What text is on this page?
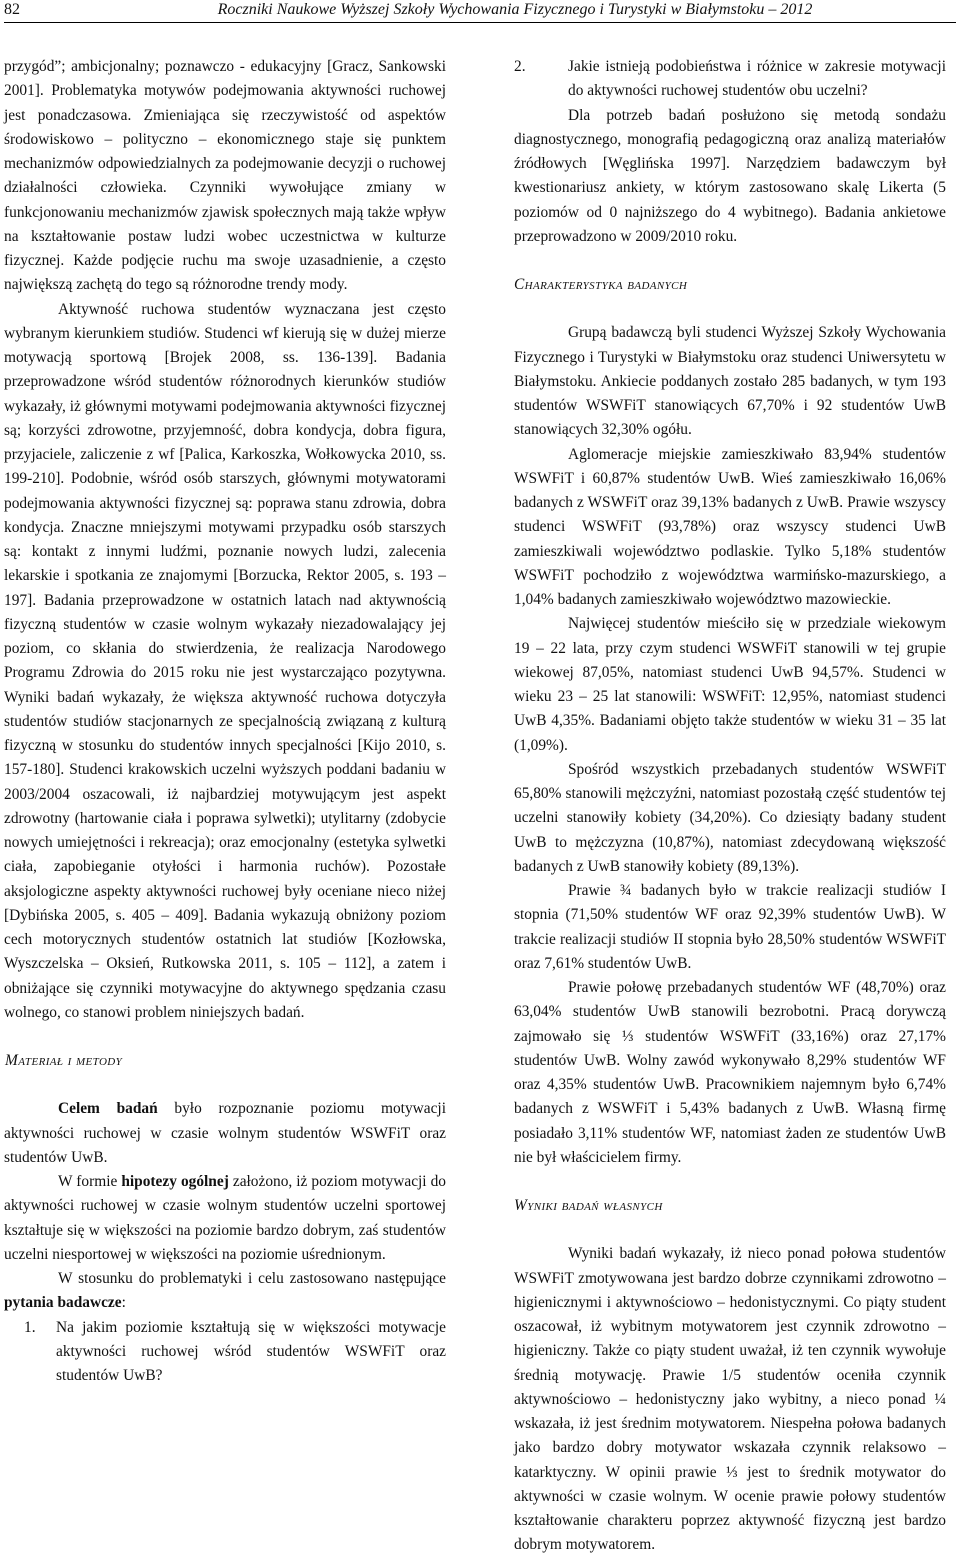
82	Roczniki Naukowe Wyższej Szkoły Wychowania Fizycznego i Turystyki w Białymstoku – 2012

przygód”; ambicjonalny; poznawczo - edukacyjny [Gracz, Sankowski 2001]. Problematyka motywów podejmowania aktywności ruchowej jest ponadczasowa. Zmieniająca się rzeczywistość od aspektów środowiskowo – polityczno – ekonomicznego staje się punktem mechanizmów odpowiedzialnych za podejmowanie decyzji o ruchowej działalności człowieka. Czynniki wywołujące zmiany w funkcjonowaniu mechanizmów zjawisk społecznych mają także wpływ na kształtowanie postaw ludzi wobec uczestnictwa w kulturze fizycznej. Każde podjęcie ruchu ma swoje uzasadnienie, a często największą zachętą do tego są różnorodne trendy mody.

Aktywność ruchowa studentów wyznaczana jest często wybranym kierunkiem studiów. Studenci wf kierują się w dużej mierze motywacją sportową [Brojek 2008, ss. 136-139]. Badania przeprowadzone wśród studentów różnorodnych kierunków studiów wykazały, iż głównymi motywami podejmowania aktywności fizycznej są; korzyści zdrowotne, przyjemność, dobra kondycja, dobra figura, przyjaciele, zaliczenie z wf [Palica, Karkoszka, Wołkowycka 2010, ss. 199-210]. Podobnie, wśród osób starszych, głównymi motywatorami podejmowania aktywności fizycznej są: poprawa stanu zdrowia, dobra kondycja. Znaczne mniejszymi motywami przypadku osób starszych są: kontakt z innymi ludźmi, poznanie nowych ludzi, zalecenia lekarskie i spotkania ze znajomymi [Borzucka, Rektor 2005, s. 193 – 197]. Badania przeprowadzone w ostatnich latach nad aktywnością fizyczną studentów w czasie wolnym wykazały niezadowalający jej poziom, co skłania do stwierdzenia, że realizacja Narodowego Programu Zdrowia do 2015 roku nie jest wystarczająco pozytywna. Wyniki badań wykazały, że większa aktywność ruchowa dotyczyła studentów studiów stacjonarnych ze specjalnością związaną z kulturą fizyczną w stosunku do studentów innych specjalności [Kijo 2010, s. 157-180]. Studenci krakowskich uczelni wyższych poddani badaniu w 2003/2004 oszacowali, iż najbardziej motywującym jest aspekt zdrowotny (hartowanie ciała i poprawa sylwetki); utylitarny (zdobycie nowych umiejętności i rekreacja); oraz emocjonalny (estetyka sylwetki ciała, zapobieganie otyłości i harmonia ruchów). Pozostałe aksjologiczne aspekty aktywności ruchowej były oceniane nieco niżej [Dybińska 2005, s. 405 – 409]. Badania wykazują obniżony poziom cech motorycznych studentów ostatnich lat studiów [Kozłowska, Wyszczelska – Oksień, Rutkowska 2011, s. 105 – 112], a zatem i obniżające się czynniki motywacyjne do aktywnego spędzania czasu wolnego, co stanowi problem niniejszych badań.

Materiał i metody

Celem badań było rozpoznanie poziomu motywacji aktywności ruchowej w czasie wolnym studentów WSWFiT oraz studentów UwB.

W formie hipotezy ogólnej założono, iż poziom motywacji do aktywności ruchowej w czasie wolnym studentów uczelni sportowej kształtuje się w większości na poziomie bardzo dobrym, zaś studentów uczelni niesportowej w większości na poziomie uśrednionym.

W stosunku do problematyki i celu zastosowano następujące pytania badawcze:

1.	Na jakim poziomie kształtują się w większości motywacje aktywności ruchowej wśród studentów WSWFiT oraz studentów UwB?
2.	Jakie istnieją podobieństwa i różnice w zakresie motywacji do aktywności ruchowej studentów obu uczelni?

Dla potrzeb badań posłużono się metodą sondażu diagnostycznego, monografią pedagogiczną oraz analizą materiałów źródłowych [Węglińska 1997]. Narzędziem badawczym był kwestionariusz ankiety, w którym zastosowano skalę Likerta (5 poziomów od 0 najniższego do 4 wybitnego). Badania ankietowe przeprowadzono w 2009/2010 roku.

Charakterystyka badanych

Grupą badawczą byli studenci Wyższej Szkoły Wychowania Fizycznego i Turystyki w Białymstoku oraz studenci Uniwersytetu w Białymstoku. Ankiecie poddanych zostało 285 badanych, w tym 193 studentów WSWFiT stanowiących 67,70% i 92 studentów UwB stanowiących 32,30% ogółu.

Aglomeracje miejskie zamieszkiwało 83,94% studentów WSWFiT i 60,87% studentów UwB. Wieś zamieszkiwało 16,06% badanych z WSWFiT oraz 39,13% badanych z UwB. Prawie wszyscy studenci WSWFiT (93,78%) oraz wszyscy studenci UwB zamieszkiwali województwo podlaskie. Tylko 5,18% studentów WSWFiT pochodziło z województwa warmińsko-mazurskiego, a 1,04% badanych zamieszkiwało województwo mazowieckie.

Najwięcej studentów mieściło się w przedziale wiekowym 19 – 22 lata, przy czym studenci WSWFiT stanowili w tej grupie wiekowej 87,05%, natomiast studenci UwB 94,57%. Studenci w wieku 23 – 25 lat stanowili: WSWFiT: 12,95%, natomiast studenci UwB 4,35%. Badaniami objęto także studentów w wieku 31 – 35 lat (1,09%).

Spośród wszystkich przebadanych studentów WSWFiT 65,80% stanowili mężczyźni, natomiast pozostałą część studentów tej uczelni stanowiły kobiety (34,20%). Co dziesiąty badany student UwB to mężczyzna (10,87%), natomiast zdecydowaną większość badanych z UwB stanowiły kobiety (89,13%).

Prawie ¾ badanych było w trakcie realizacji studiów I stopnia (71,50% studentów WF oraz 92,39% studentów UwB). W trakcie realizacji studiów II stopnia było 28,50% studentów WSWFiT oraz 7,61% studentów UwB.

Prawie połowę przebadanych studentów WF (48,70%) oraz 63,04% studentów UwB stanowili bezrobotni. Pracą dorywczą zajmowało się ⅓ studentów WSWFiT (33,16%) oraz 27,17% studentów UwB. Wolny zawód wykonywało 8,29% studentów WF oraz 4,35% studentów UwB. Pracownikiem najemnym było 6,74% badanych z WSWFiT i 5,43% badanych z UwB. Własną firmę posiadało 3,11% studentów WF, natomiast żaden ze studentów UwB nie był właścicielem firmy.

Wyniki badań własnych

Wyniki badań wykazały, iż nieco ponad połowa studentów WSWFiT zmotywowana jest bardzo dobrze czynnikami zdrowotno – higienicznymi i aktywnościowo – hedonistycznymi. Co piąty student oszacował, iż wybitnym motywatorem jest czynnik zdrowotno – higieniczny. Także co piąty student uważał, iż ten czynnik wywołuje średnią motywację. Prawie 1/5 studentów oceniła czynnik aktywnościowo – hedonistyczny jako wybitny, a nieco ponad ¼ wskazała, iż jest średnim motywatorem. Niespełna połowa badanych jako bardzo dobry motywator wskazała czynnik relaksowo – katarktyczny. W opinii prawie ⅓ jest to średnik motywator do aktywności w czasie wolnym. W ocenie prawie połowy studentów kształtowanie charakteru poprzez aktywność fizyczną jest bardzo dobrym motywatorem.
